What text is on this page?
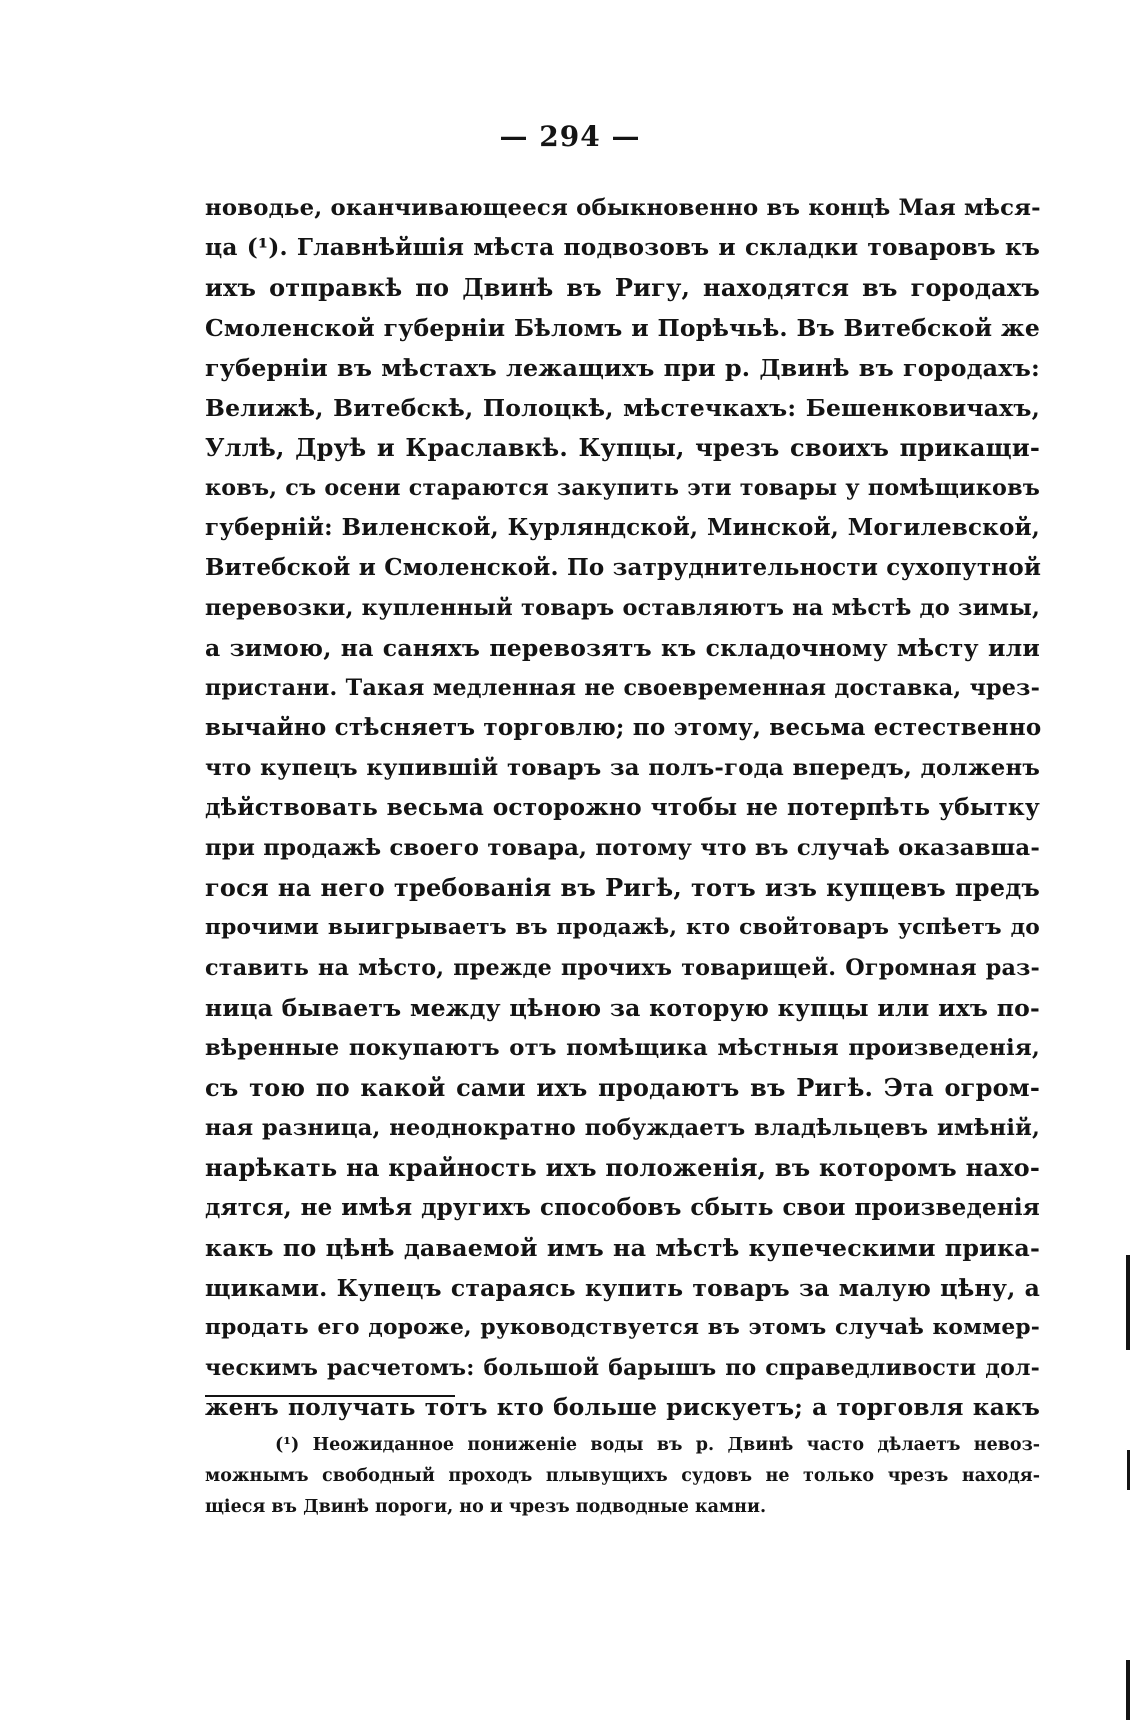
— 294 —
новодье, оканчивающееся обыкновенно въ концѣ Мая мѣся-
ца (¹). Главнѣйшія мѣста подвозовъ и складки товаровъ къ
ихъ отправкѣ по Двинѣ въ Ригу, находятся въ городахъ
Смоленской губерніи Бѣломъ и Порѣчьѣ. Въ Витебской же
губерніи въ мѣстахъ лежащихъ при р. Двинѣ въ городахъ:
Велижѣ, Витебскѣ, Полоцкѣ, мѣстечкахъ: Бешенковичахъ,
Уллѣ, Друѣ и Краславкѣ. Купцы, чрезъ своихъ прикащи-
ковъ, съ осени стараются закупить эти товары у помѣщиковъ
губерній: Виленской, Курляндской, Минской, Могилевской,
Витебской и Смоленской. По затруднительности сухопутной
перевозки, купленный товаръ оставляютъ на мѣстѣ до зимы,
а зимою, на саняхъ перевозятъ къ складочному мѣсту или
пристани. Такая медленная не своевременная доставка, чрез-
вычайно стѣсняетъ торговлю; по этому, весьма естественно
что купецъ купившій товаръ за полъ-года впередъ, долженъ
дѣйствовать весьма осторожно чтобы не потерпѣть убытку
при продажѣ своего товара, потому что въ случаѣ оказавша-
гося на него требованія въ Ригѣ, тотъ изъ купцевъ предъ
прочими выигрываетъ въ продажѣ, кто свойтоваръ успѣетъ до
ставить на мѣсто, прежде прочихъ товарищей. Огромная раз-
ница бываетъ между цѣною за которую купцы или ихъ по-
вѣренные покупаютъ отъ помѣщика мѣстныя произведенія,
съ тою по какой сами ихъ продаютъ въ Ригѣ. Эта огром-
ная разница, неоднократно побуждаетъ владѣльцевъ имѣній,
нарѣкать на крайность ихъ положенія, въ которомъ нахо-
дятся, не имѣя другихъ способовъ сбыть свои произведенія
какъ по цѣнѣ даваемой имъ на мѣстѣ купеческими прика-
щиками. Купецъ стараясь купить товаръ за малую цѣну, а
продать его дороже, руководствуется въ этомъ случаѣ коммер-
ческимъ расчетомъ: большой барышъ по справедливости дол-
женъ получать тотъ кто больше рискуетъ; а торговля какъ
(¹) Неожиданное пониженіе воды въ р. Двинѣ часто дѣлаетъ невоз-
можнымъ свободный проходъ плывущихъ судовъ не только чрезъ находя-
щіеся въ Двинѣ пороги, но и чрезъ подводные камни.
